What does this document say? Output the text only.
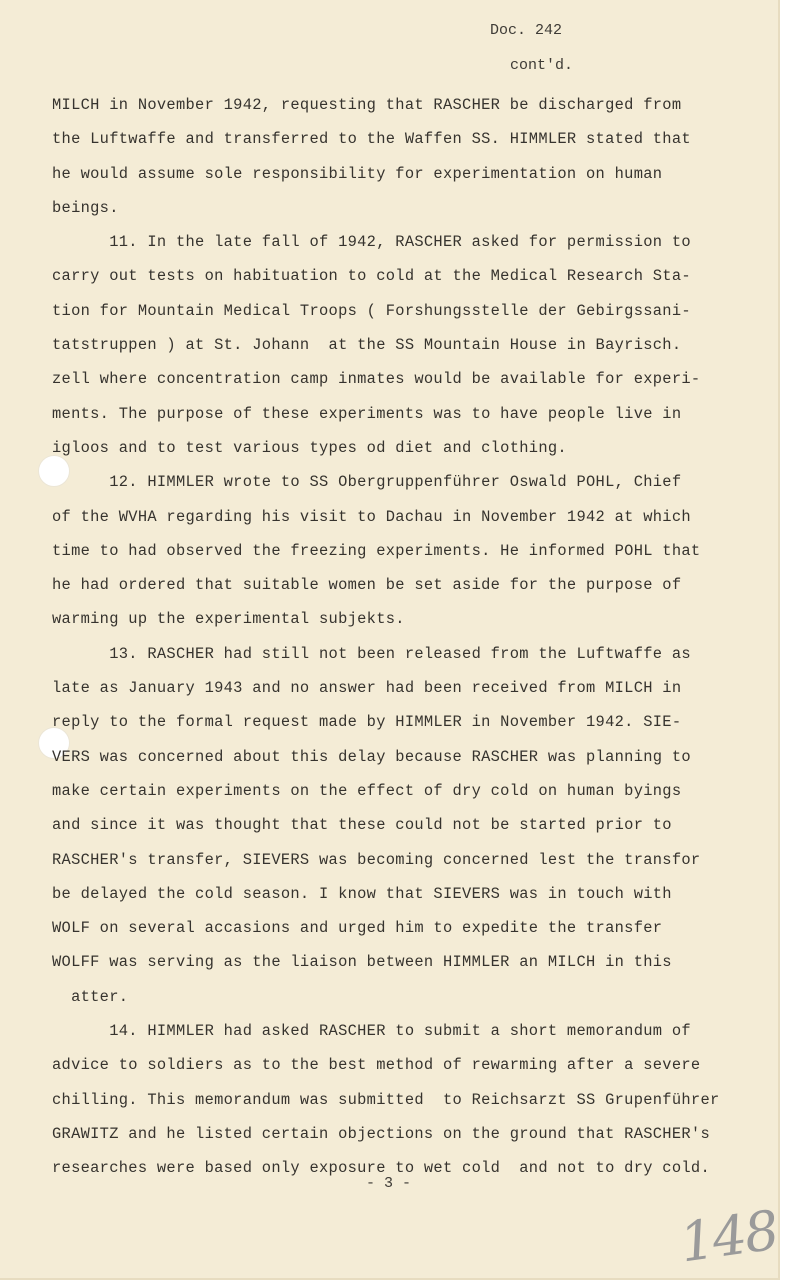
Doc. 242
cont'd.
MILCH in November 1942, requesting that RASCHER be discharged from
the Luftwaffe and transferred to the Waffen SS. HIMMLER stated that
he would assume sole responsibility for experimentation on human
beings.
11. In the late fall of 1942, RASCHER asked for permission to
carry out tests on habituation to cold at the Medical Research Sta-
tion for Mountain Medical Troops ( Forshungsstelle der Gebirgssani-
tatstruppen ) at St. Johann  at the SS Mountain House in Bayrisch.
zell where concentration camp inmates would be available for experi-
ments. The purpose of these experiments was to have people live in
igloos and to test various types od diet and clothing.
12. HIMMLER wrote to SS Obergruppenführer Oswald POHL, Chief
of the WVHA regarding his visit to Dachau in November 1942 at which
time to had observed the freezing experiments. He informed POHL that
he had ordered that suitable women be set aside for the purpose of
warming up the experimental subjekts.
13. RASCHER had still not been released from the Luftwaffe as
late as January 1943 and no answer had been received from MILCH in
reply to the formal request made by HIMMLER in November 1942. SIE-
VERS was concerned about this delay because RASCHER was planning to
make certain experiments on the effect of dry cold on human byings
and since it was thought that these could not be started prior to
RASCHER's transfer, SIEVERS was becoming concerned lest the transfor
be delayed the cold season. I know that SIEVERS was in touch with
WOLF on several accasions and urged him to expedite the transfer
WOLFF was serving as the liaison between HIMMLER an MILCH in this
atter.
14. HIMMLER had asked RASCHER to submit a short memorandum of
advice to soldiers as to the best method of rewarming after a severe
chilling. This memorandum was submitted  to Reichsarzt SS Grupenführer
GRAWITZ and he listed certain objections on the ground that RASCHER's
researches were based only exposure to wet cold  and not to dry cold.
- 3 -
148
